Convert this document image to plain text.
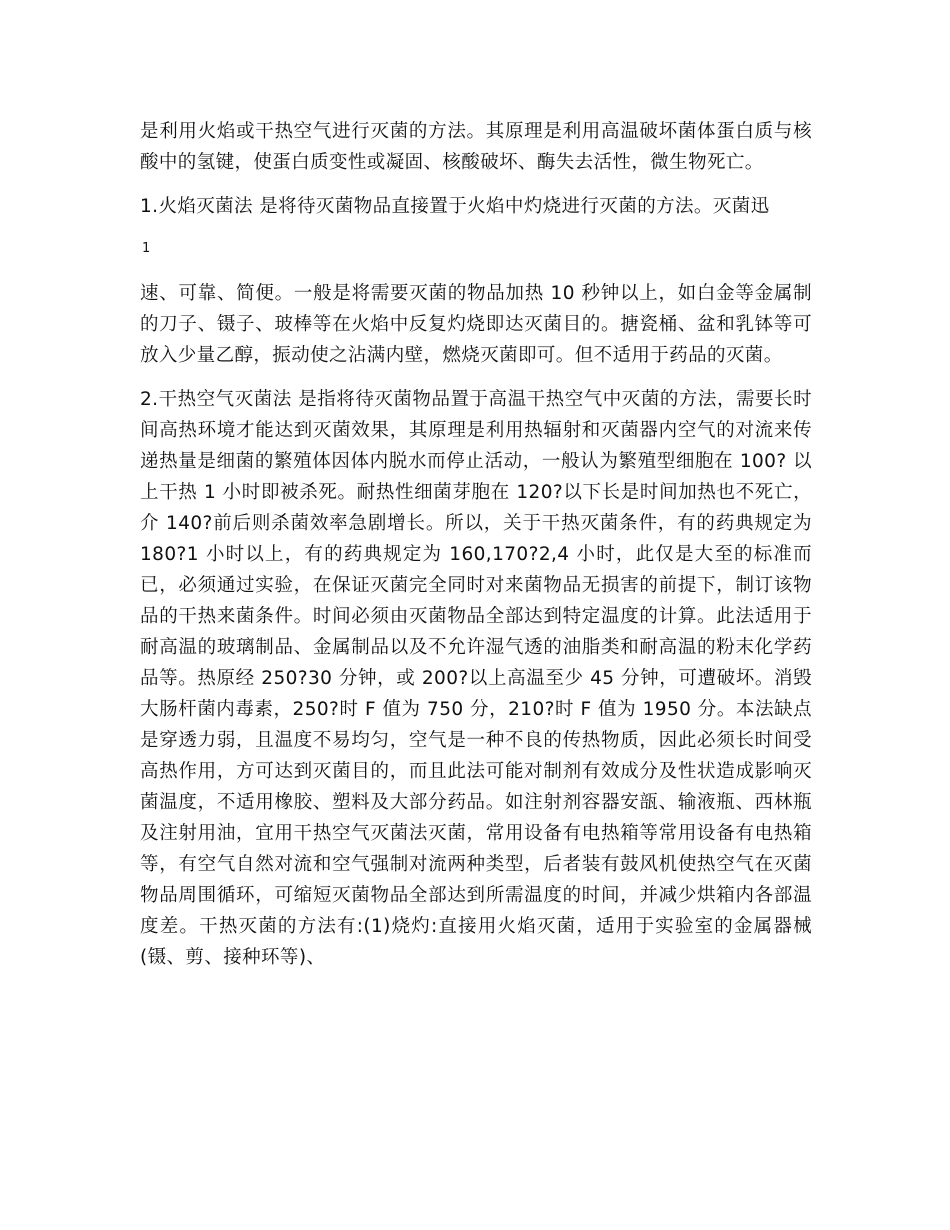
是利用火焰或干热空气进行灭菌的方法。其原理是利用高温破坏菌体蛋白质与核酸中的氢键，使蛋白质变性或凝固、核酸破坏、酶失去活性，微生物死亡。

1.火焰灭菌法 是将待灭菌物品直接置于火焰中灼烧进行灭菌的方法。灭菌迅

1

速、可靠、简便。一般是将需要灭菌的物品加热 10 秒钟以上，如白金等金属制的刀子、镊子、玻棒等在火焰中反复灼烧即达灭菌目的。搪瓷桶、盆和乳钵等可放入少量乙醇，振动使之沾满内壁，燃烧灭菌即可。但不适用于药品的灭菌。

2.干热空气灭菌法 是指将待灭菌物品置于高温干热空气中灭菌的方法，需要长时间高热环境才能达到灭菌效果，其原理是利用热辐射和灭菌器内空气的对流来传递热量是细菌的繁殖体因体内脱水而停止活动，一般认为繁殖型细胞在 100? 以上干热 1 小时即被杀死。耐热性细菌芽胞在 120?以下长是时间加热也不死亡，介 140?前后则杀菌效率急剧增长。所以，关于干热灭菌条件，有的药典规定为 180?1 小时以上，有的药典规定为 160,170?2,4 小时，此仅是大至的标准而已，必须通过实验，在保证灭菌完全同时对来菌物品无损害的前提下，制订该物品的干热来菌条件。时间必须由灭菌物品全部达到特定温度的计算。此法适用于耐高温的玻璃制品、金属制品以及不允许湿气透的油脂类和耐高温的粉末化学药品等。热原经 250?30 分钟，或 200?以上高温至少 45 分钟，可遭破坏。消毁大肠杆菌内毒素，250?时 F 值为 750 分，210?时 F 值为 1950 分。本法缺点是穿透力弱，且温度不易均匀，空气是一种不良的传热物质，因此必须长时间受高热作用，方可达到灭菌目的，而且此法可能对制剂有效成分及性状造成影响灭菌温度，不适用橡胶、塑料及大部分药品。如注射剂容器安瓿、输液瓶、西林瓶及注射用油，宜用干热空气灭菌法灭菌，常用设备有电热箱等常用设备有电热箱等，有空气自然对流和空气强制对流两种类型，后者装有鼓风机使热空气在灭菌物品周围循环，可缩短灭菌物品全部达到所需温度的时间，并减少烘箱内各部温度差。干热灭菌的方法有:(1)烧灼:直接用火焰灭菌，适用于实验室的金属器械(镊、剪、接种环等)、
